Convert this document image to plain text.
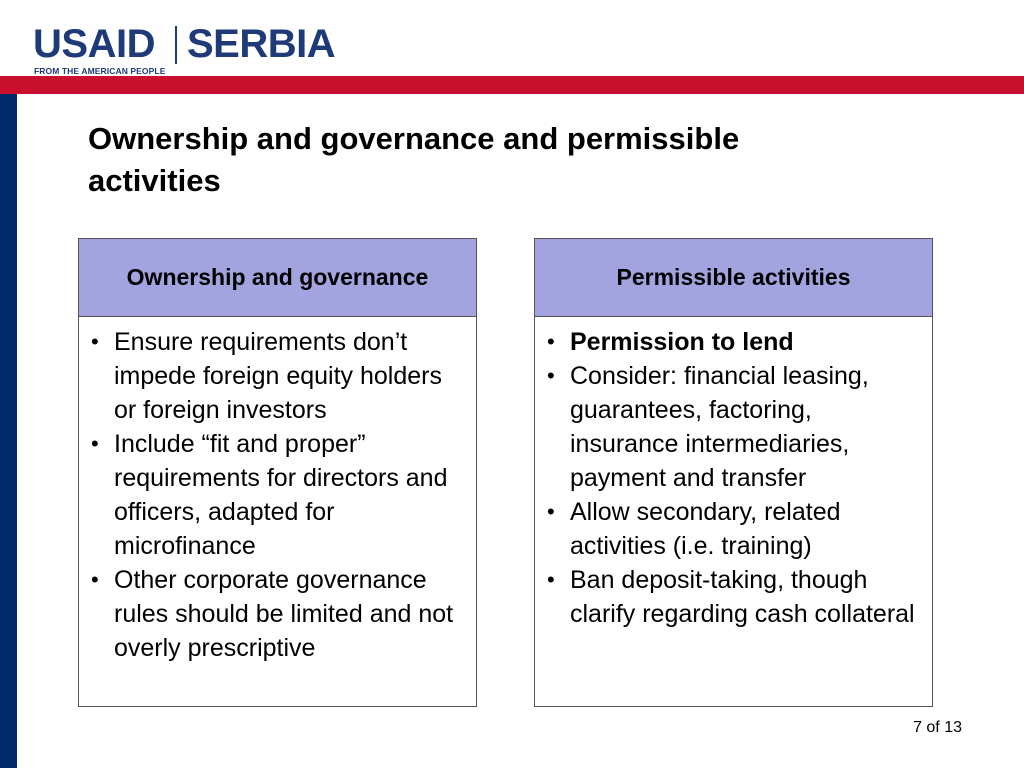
USAID SERBIA
FROM THE AMERICAN PEOPLE
Ownership and governance and permissible activities
Ownership and governance
• Ensure requirements don’t impede foreign equity holders or foreign investors
• Include “fit and proper” requirements for directors and officers, adapted for microfinance
• Other corporate governance rules should be limited and not overly prescriptive
Permissible activities
• Permission to lend
• Consider: financial leasing, guarantees, factoring, insurance intermediaries, payment and transfer
• Allow secondary, related activities (i.e. training)
• Ban deposit-taking, though clarify regarding cash collateral
7 of 13
